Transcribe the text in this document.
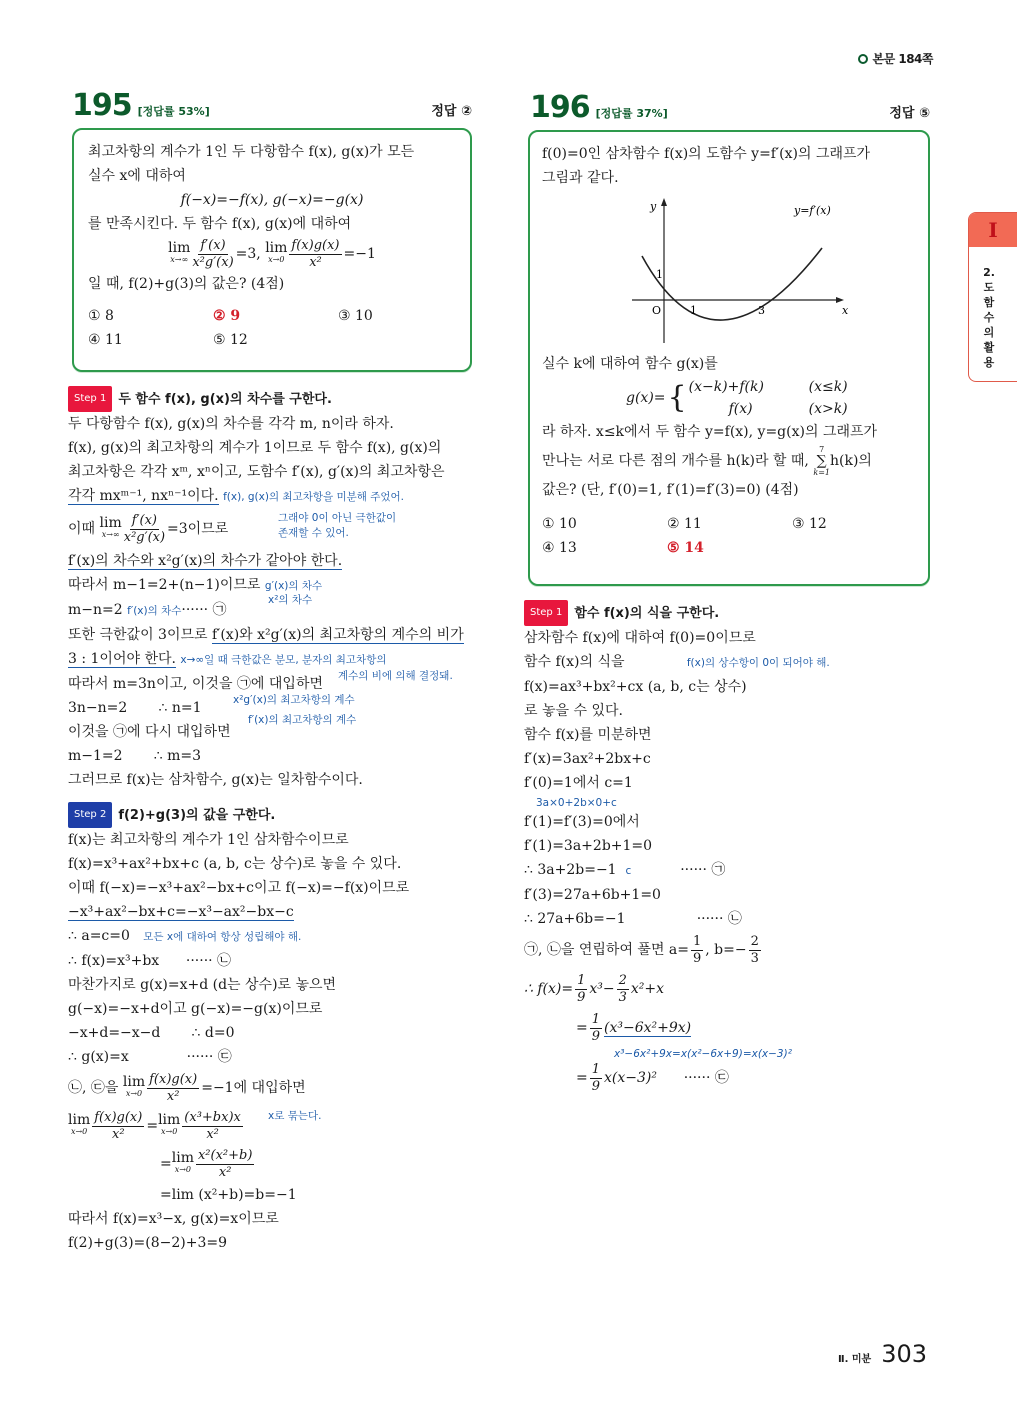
본문 184쪽
I
2.도함수의활용
195 [정답률 53%]	정답 ②
최고차항의 계수가 1인 두 다항함수 f(x), g(x)가 모든
실수 x에 대하여
f(−x)=−f(x), g(−x)=−g(x)
를 만족시킨다. 두 함수 f(x), g(x)에 대하여
lim
$x\to\infty \frac{f'(x)}{\text{x²g′(x)}} =3$, lim
$x\to 0 \frac{f(x)g(x)}{\text{x²}} =-1$
일 때, f(2)+g(3)의 값은? (4점)
① 8	② 9	③ 10
④ 11	⑤ 12
Step 1 두 함수 f(x), g(x)의 차수를 구한다.
두 다항함수 f(x), g(x)의 차수를 각각 m, n이라 하자.
f(x), g(x)의 최고차항의 계수가 1이므로 두 함수 f(x), g(x)의
최고차항은 각각 xᵐ, xⁿ이고, 도함수 f′(x), g′(x)의 최고차항은
각각 mxᵐ⁻¹, nxⁿ⁻¹이다. f(x), g(x)의 최고차항을 미분해 주었어.
이때 lim
$x\to\infty \frac{f'(x)}{\text{x²g′(x)}} =3$이므로
그래야 0이 아닌 극한값이
존재할 수 있어.
f′(x)의 차수와 x²g′(x)의 차수가 같아야 한다.
따라서 m−1=2+(n−1)이므로 g′(x)의 차수
m−n=2 f′(x)의 차수······ ㉠
x²의 차수
또한 극한값이 3이므로 f′(x)와 x²g′(x)의 최고차항의 계수의 비가
3 : 1이어야 한다. x→∞일 때 극한값은 분모, 분자의 최고차항의
따라서 m=3n이고, 이것을 ㉠에 대입하면 계수의 비에 의해 결정돼.
3n−n=2 ∴ n=1	x²g′(x)의 최고차항의 계수
f′(x)의 최고차항의 계수
이것을 ㉠에 다시 대입하면
m−1=2 ∴ m=3
그러므로 f(x)는 삼차함수, g(x)는 일차함수이다.
Step 2 f(2)+g(3)의 값을 구한다.
f(x)는 최고차항의 계수가 1인 삼차함수이므로
f(x)=x³+ax²+bx+c (a, b, c는 상수)로 놓을 수 있다.
이때 f(−x)=−x³+ax²−bx+c이고 f(−x)=−f(x)이므로
−x³+ax²−bx+c=−x³−ax²−bx−c
∴ a=c=0 모든 x에 대하여 항상 성립해야 해.
∴ f(x)=x³+bx ······ ㉡
마찬가지로 g(x)=x+d (d는 상수)로 놓으면
g(−x)=−x+d이고 g(−x)=−g(x)이므로
−x+d=−x−d ∴ d=0
∴ g(x)=x	······ ㉢
㉡, ㉢을 lim
$x\to 0 \frac{f(x)g(x)}{\text{x²}} =-1$에 대입하면
lim
$x\to 0 \frac{f(x)g(x)}{\text{x²}} = \lim$
$x\to 0 \frac{\text{(x³+bx)x}}{\text{x²}}$ x로 묶는다.
= lim
$x\to 0 \frac{\text{x²(x²+b)}}{\text{x²}}$
=lim (x²+b)=b=−1
따라서 f(x)=x³−x, g(x)=x이므로
f(2)+g(3)=(8−2)+3=9
196 [정답률 37%]	정답 ⑤
f(0)=0인 삼차함수 f(x)의 도함수 y=f′(x)의 그래프가
그림과 같다.
y
x
O
1
1	3
y=f′(x)
실수 k에 대하여 함수 g(x)를
g(x)= { (x−k)+f(k)	(x≤k)
f(x)	(x>k)
라 하자. x≤k에서 두 함수 y=f(x), y=g(x)의 그래프가
만나는 서로 다른 점의 개수를 h(k)라 할 때,
7
∑
k=1
h(k)의
값은? (단, f′(0)=1, f′(1)=f′(3)=0) (4점)
① 10	② 11	③ 12
④ 13	⑤ 14
Step 1 함수 f(x)의 식을 구한다.
삼차함수 f(x)에 대하여 f(0)=0이므로
함수 f(x)의 식을	f(x)의 상수항이 0이 되어야 해.
f(x)=ax³+bx²+cx (a, b, c는 상수)
로 놓을 수 있다.
함수 f(x)를 미분하면
f′(x)=3ax²+2bx+c
f′(0)=1에서 c=1
3a×0+2b×0+c
f′(1)=f′(3)=0에서
f′(1)=3a+2b+1=0
∴ 3a+2b=−1 c	······ ㉠
f′(3)=27a+6b+1=0
∴ 27a+6b=−1	······ ㉡
㉠, ㉡을 연립하여 풀면 $a= \frac{1}{9}$ , $b=- \frac{2}{3}$
∴ $f(x)= \frac{1}{9} x^3- \frac{2}{3} x^2+x$
= $\frac{1}{9} (x^3-6x^2+9x)$
x³−6x²+9x=x(x²−6x+9)=x(x−3)²
= $\frac{1}{9} x(x-3)^2$ ······ ㉢
Ⅱ. 미분 303
